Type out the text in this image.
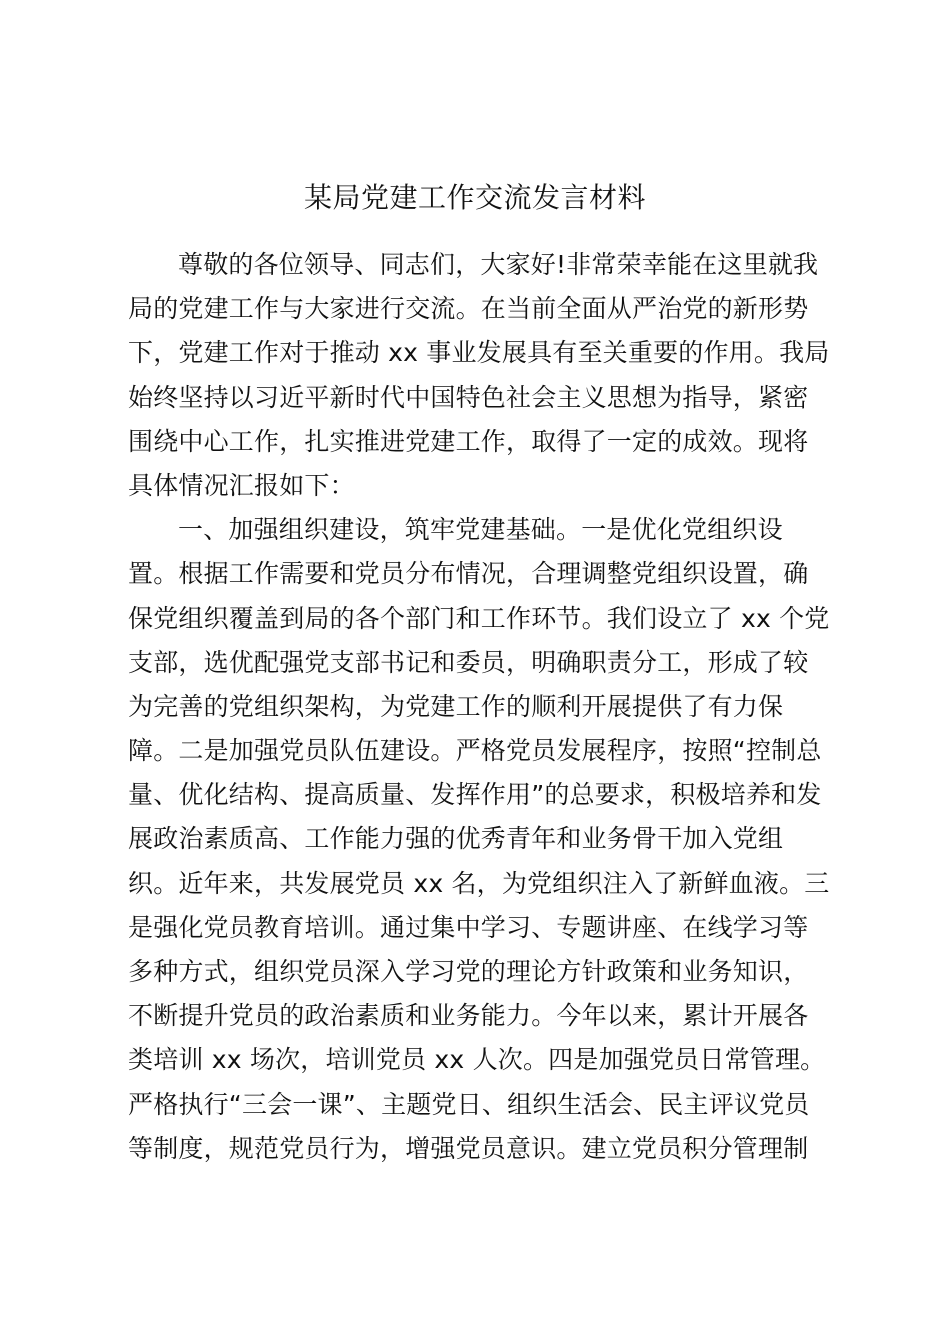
某局党建工作交流发言材料
尊敬的各位领导、同志们，大家好!非常荣幸能在这里就我
局的党建工作与大家进行交流。在当前全面从严治党的新形势
下，党建工作对于推动 xx 事业发展具有至关重要的作用。我局
始终坚持以习近平新时代中国特色社会主义思想为指导，紧密
围绕中心工作，扎实推进党建工作，取得了一定的成效。现将
具体情况汇报如下：
一、加强组织建设，筑牢党建基础。一是优化党组织设
置。根据工作需要和党员分布情况，合理调整党组织设置，确
保党组织覆盖到局的各个部门和工作环节。我们设立了 xx 个党
支部，选优配强党支部书记和委员，明确职责分工，形成了较
为完善的党组织架构，为党建工作的顺利开展提供了有力保
障。二是加强党员队伍建设。严格党员发展程序，按照“控制总
量、优化结构、提高质量、发挥作用”的总要求，积极培养和发
展政治素质高、工作能力强的优秀青年和业务骨干加入党组
织。近年来，共发展党员 xx 名，为党组织注入了新鲜血液。三
是强化党员教育培训。通过集中学习、专题讲座、在线学习等
多种方式，组织党员深入学习党的理论方针政策和业务知识，
不断提升党员的政治素质和业务能力。今年以来，累计开展各
类培训 xx 场次，培训党员 xx 人次。四是加强党员日常管理。
严格执行“三会一课”、主题党日、组织生活会、民主评议党员
等制度，规范党员行为，增强党员意识。建立党员积分管理制
